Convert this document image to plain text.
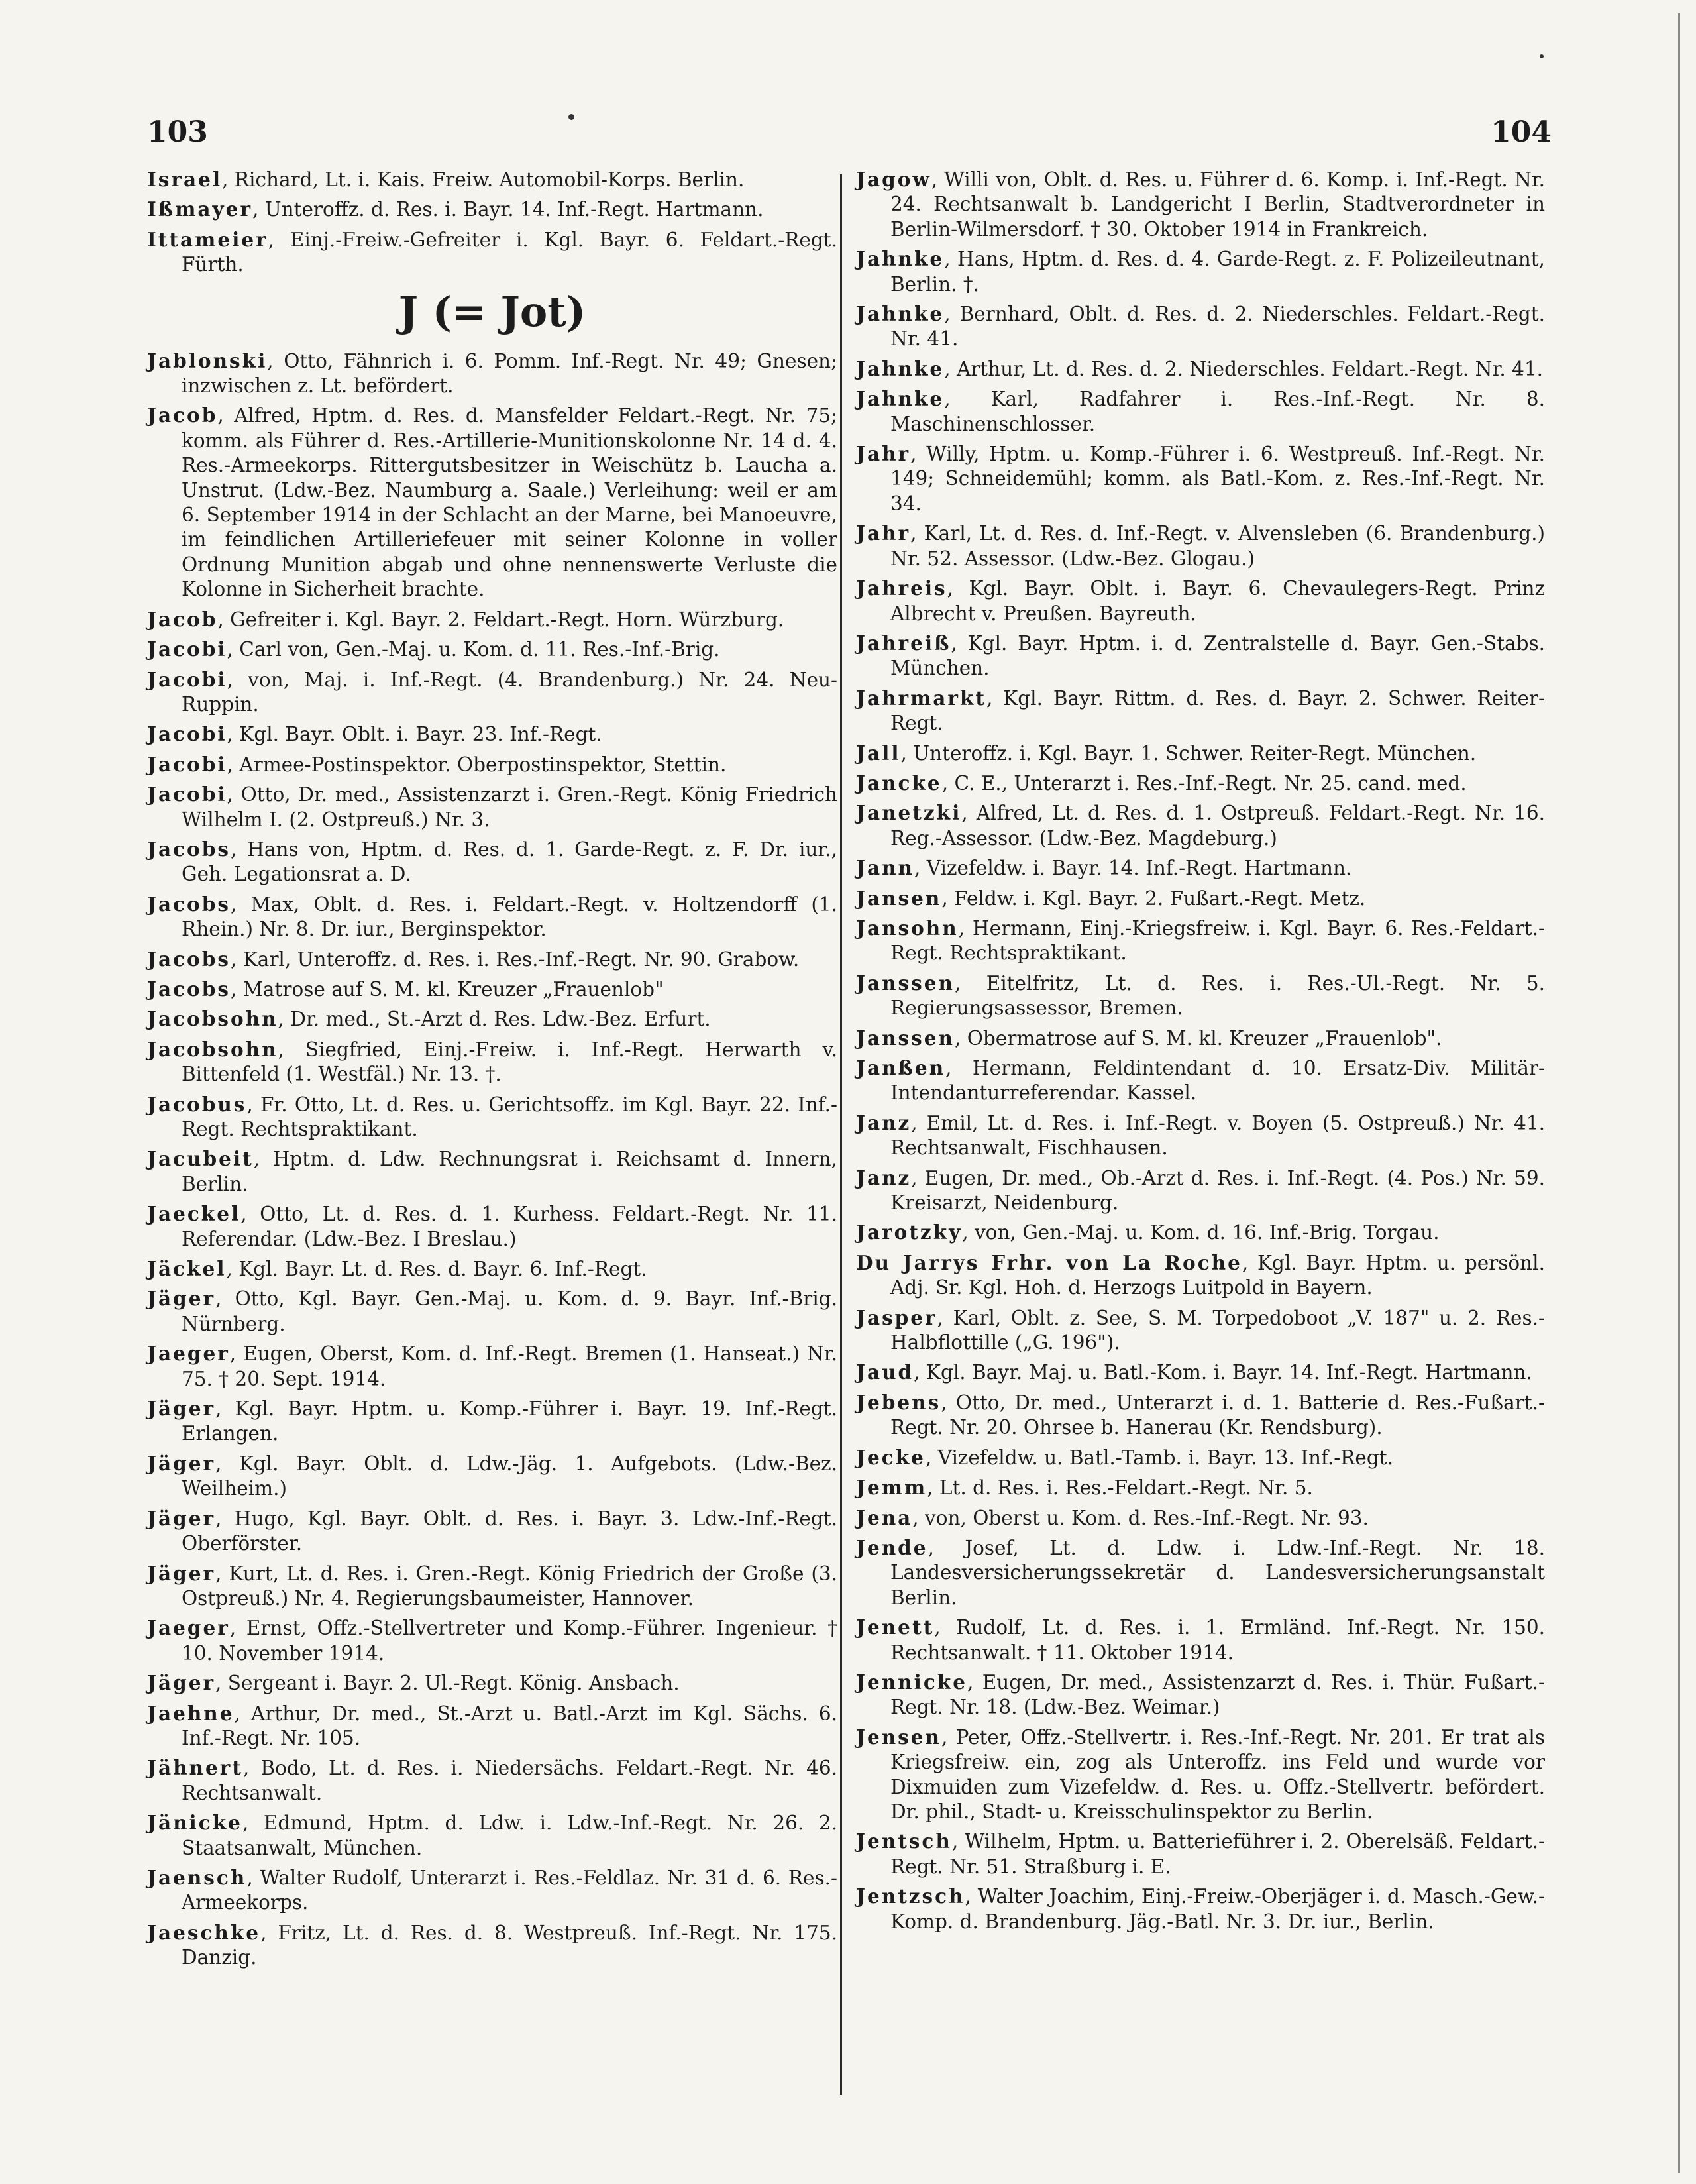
103	104

Israel, Richard, Lt. i. Kais. Freiw. Automobil-Korps. Berlin.

Ißmayer, Unteroffz. d. Res. i. Bayr. 14. Inf.-Regt. Hartmann.

Ittameier, Einj.-Freiw.-Gefreiter i. Kgl. Bayr. 6. Feldart.-Regt. Fürth.

J (= Jot)

Jablonski, Otto, Fähnrich i. 6. Pomm. Inf.-Regt. Nr. 49; Gnesen; inzwischen z. Lt. befördert.

Jacob, Alfred, Hptm. d. Res. d. Mansfelder Feldart.-Regt. Nr. 75; komm. als Führer d. Res.-Artillerie-Munitionskolonne Nr. 14 d. 4. Res.-Armeekorps. Rittergutsbesitzer in Weischütz b. Laucha a. Unstrut. (Ldw.-Bez. Naumburg a. Saale.) Verleihung: weil er am 6. September 1914 in der Schlacht an der Marne, bei Manoeuvre, im feindlichen Artilleriefeuer mit seiner Kolonne in voller Ordnung Munition abgab und ohne nennenswerte Verluste die Kolonne in Sicherheit brachte.

Jacob, Gefreiter i. Kgl. Bayr. 2. Feldart.-Regt. Horn. Würzburg.

Jacobi, Carl von, Gen.-Maj. u. Kom. d. 11. Res.-Inf.-Brig.

Jacobi, von, Maj. i. Inf.-Regt. (4. Brandenburg.) Nr. 24. Neu-Ruppin.

Jacobi, Kgl. Bayr. Oblt. i. Bayr. 23. Inf.-Regt.

Jacobi, Armee-Postinspektor. Oberpostinspektor, Stettin.

Jacobi, Otto, Dr. med., Assistenzarzt i. Gren.-Regt. König Friedrich Wilhelm I. (2. Ostpreuß.) Nr. 3.

Jacobs, Hans von, Hptm. d. Res. d. 1. Garde-Regt. z. F. Dr. iur., Geh. Legationsrat a. D.

Jacobs, Max, Oblt. d. Res. i. Feldart.-Regt. v. Holtzendorff (1. Rhein.) Nr. 8. Dr. iur., Berginspektor.

Jacobs, Karl, Unteroffz. d. Res. i. Res.-Inf.-Regt. Nr. 90. Grabow.

Jacobs, Matrose auf S. M. kl. Kreuzer „Frauenlob"

Jacobsohn, Dr. med., St.-Arzt d. Res. Ldw.-Bez. Erfurt.

Jacobsohn, Siegfried, Einj.-Freiw. i. Inf.-Regt. Herwarth v. Bittenfeld (1. Westfäl.) Nr. 13. †.

Jacobus, Fr. Otto, Lt. d. Res. u. Gerichtsoffz. im Kgl. Bayr. 22. Inf.-Regt. Rechtspraktikant.

Jacubeit, Hptm. d. Ldw. Rechnungsrat i. Reichsamt d. Innern, Berlin.

Jaeckel, Otto, Lt. d. Res. d. 1. Kurhess. Feldart.-Regt. Nr. 11. Referendar. (Ldw.-Bez. I Breslau.)

Jäckel, Kgl. Bayr. Lt. d. Res. d. Bayr. 6. Inf.-Regt.

Jäger, Otto, Kgl. Bayr. Gen.-Maj. u. Kom. d. 9. Bayr. Inf.-Brig. Nürnberg.

Jaeger, Eugen, Oberst, Kom. d. Inf.-Regt. Bremen (1. Hanseat.) Nr. 75. † 20. Sept. 1914.

Jäger, Kgl. Bayr. Hptm. u. Komp.-Führer i. Bayr. 19. Inf.-Regt. Erlangen.

Jäger, Kgl. Bayr. Oblt. d. Ldw.-Jäg. 1. Aufgebots. (Ldw.-Bez. Weilheim.)

Jäger, Hugo, Kgl. Bayr. Oblt. d. Res. i. Bayr. 3. Ldw.-Inf.-Regt. Oberförster.

Jäger, Kurt, Lt. d. Res. i. Gren.-Regt. König Friedrich der Große (3. Ostpreuß.) Nr. 4. Regierungsbaumeister, Hannover.

Jaeger, Ernst, Offz.-Stellvertreter und Komp.-Führer. Ingenieur. † 10. November 1914.

Jäger, Sergeant i. Bayr. 2. Ul.-Regt. König. Ansbach.

Jaehne, Arthur, Dr. med., St.-Arzt u. Batl.-Arzt im Kgl. Sächs. 6. Inf.-Regt. Nr. 105.

Jähnert, Bodo, Lt. d. Res. i. Niedersächs. Feldart.-Regt. Nr. 46. Rechtsanwalt.

Jänicke, Edmund, Hptm. d. Ldw. i. Ldw.-Inf.-Regt. Nr. 26. 2. Staatsanwalt, München.

Jaensch, Walter Rudolf, Unterarzt i. Res.-Feldlaz. Nr. 31 d. 6. Res.-Armeekorps.

Jaeschke, Fritz, Lt. d. Res. d. 8. Westpreuß. Inf.-Regt. Nr. 175. Danzig.

Jagow, Willi von, Oblt. d. Res. u. Führer d. 6. Komp. i. Inf.-Regt. Nr. 24. Rechtsanwalt b. Landgericht I Berlin, Stadtverordneter in Berlin-Wilmersdorf. † 30. Oktober 1914 in Frankreich.

Jahnke, Hans, Hptm. d. Res. d. 4. Garde-Regt. z. F. Polizeileutnant, Berlin. †.

Jahnke, Bernhard, Oblt. d. Res. d. 2. Niederschles. Feldart.-Regt. Nr. 41.

Jahnke, Arthur, Lt. d. Res. d. 2. Niederschles. Feldart.-Regt. Nr. 41.

Jahnke, Karl, Radfahrer i. Res.-Inf.-Regt. Nr. 8. Maschinenschlosser.

Jahr, Willy, Hptm. u. Komp.-Führer i. 6. Westpreuß. Inf.-Regt. Nr. 149; Schneidemühl; komm. als Batl.-Kom. z. Res.-Inf.-Regt. Nr. 34.

Jahr, Karl, Lt. d. Res. d. Inf.-Regt. v. Alvensleben (6. Brandenburg.) Nr. 52. Assessor. (Ldw.-Bez. Glogau.)

Jahreis, Kgl. Bayr. Oblt. i. Bayr. 6. Chevaulegers-Regt. Prinz Albrecht v. Preußen. Bayreuth.

Jahreiß, Kgl. Bayr. Hptm. i. d. Zentralstelle d. Bayr. Gen.-Stabs. München.

Jahrmarkt, Kgl. Bayr. Rittm. d. Res. d. Bayr. 2. Schwer. Reiter-Regt.

Jall, Unteroffz. i. Kgl. Bayr. 1. Schwer. Reiter-Regt. München.

Jancke, C. E., Unterarzt i. Res.-Inf.-Regt. Nr. 25. cand. med.

Janetzki, Alfred, Lt. d. Res. d. 1. Ostpreuß. Feldart.-Regt. Nr. 16. Reg.-Assessor. (Ldw.-Bez. Magdeburg.)

Jann, Vizefeldw. i. Bayr. 14. Inf.-Regt. Hartmann.

Jansen, Feldw. i. Kgl. Bayr. 2. Fußart.-Regt. Metz.

Jansohn, Hermann, Einj.-Kriegsfreiw. i. Kgl. Bayr. 6. Res.-Feldart.-Regt. Rechtspraktikant.

Janssen, Eitelfritz, Lt. d. Res. i. Res.-Ul.-Regt. Nr. 5. Regierungsassessor, Bremen.

Janssen, Obermatrose auf S. M. kl. Kreuzer „Frauenlob".

Janßen, Hermann, Feldintendant d. 10. Ersatz-Div. Militär-Intendanturreferendar. Kassel.

Janz, Emil, Lt. d. Res. i. Inf.-Regt. v. Boyen (5. Ostpreuß.) Nr. 41. Rechtsanwalt, Fischhausen.

Janz, Eugen, Dr. med., Ob.-Arzt d. Res. i. Inf.-Regt. (4. Pos.) Nr. 59. Kreisarzt, Neidenburg.

Jarotzky, von, Gen.-Maj. u. Kom. d. 16. Inf.-Brig. Torgau.

Du Jarrys Frhr. von La Roche, Kgl. Bayr. Hptm. u. persönl. Adj. Sr. Kgl. Hoh. d. Herzogs Luitpold in Bayern.

Jasper, Karl, Oblt. z. See, S. M. Torpedoboot „V. 187" u. 2. Res.-Halbflottille („G. 196").

Jaud, Kgl. Bayr. Maj. u. Batl.-Kom. i. Bayr. 14. Inf.-Regt. Hartmann.

Jebens, Otto, Dr. med., Unterarzt i. d. 1. Batterie d. Res.-Fußart.-Regt. Nr. 20. Ohrsee b. Hanerau (Kr. Rendsburg).

Jecke, Vizefeldw. u. Batl.-Tamb. i. Bayr. 13. Inf.-Regt.

Jemm, Lt. d. Res. i. Res.-Feldart.-Regt. Nr. 5.

Jena, von, Oberst u. Kom. d. Res.-Inf.-Regt. Nr. 93.

Jende, Josef, Lt. d. Ldw. i. Ldw.-Inf.-Regt. Nr. 18. Landesversicherungssekretär d. Landesversicherungsanstalt Berlin.

Jenett, Rudolf, Lt. d. Res. i. 1. Ermländ. Inf.-Regt. Nr. 150. Rechtsanwalt. † 11. Oktober 1914.

Jennicke, Eugen, Dr. med., Assistenzarzt d. Res. i. Thür. Fußart.-Regt. Nr. 18. (Ldw.-Bez. Weimar.)

Jensen, Peter, Offz.-Stellvertr. i. Res.-Inf.-Regt. Nr. 201. Er trat als Kriegsfreiw. ein, zog als Unteroffz. ins Feld und wurde vor Dixmuiden zum Vizefeldw. d. Res. u. Offz.-Stellvertr. befördert. Dr. phil., Stadt- u. Kreisschulinspektor zu Berlin.

Jentsch, Wilhelm, Hptm. u. Batterieführer i. 2. Oberelsäß. Feldart.-Regt. Nr. 51. Straßburg i. E.

Jentzsch, Walter Joachim, Einj.-Freiw.-Oberjäger i. d. Masch.-Gew.-Komp. d. Brandenburg. Jäg.-Batl. Nr. 3. Dr. iur., Berlin.
